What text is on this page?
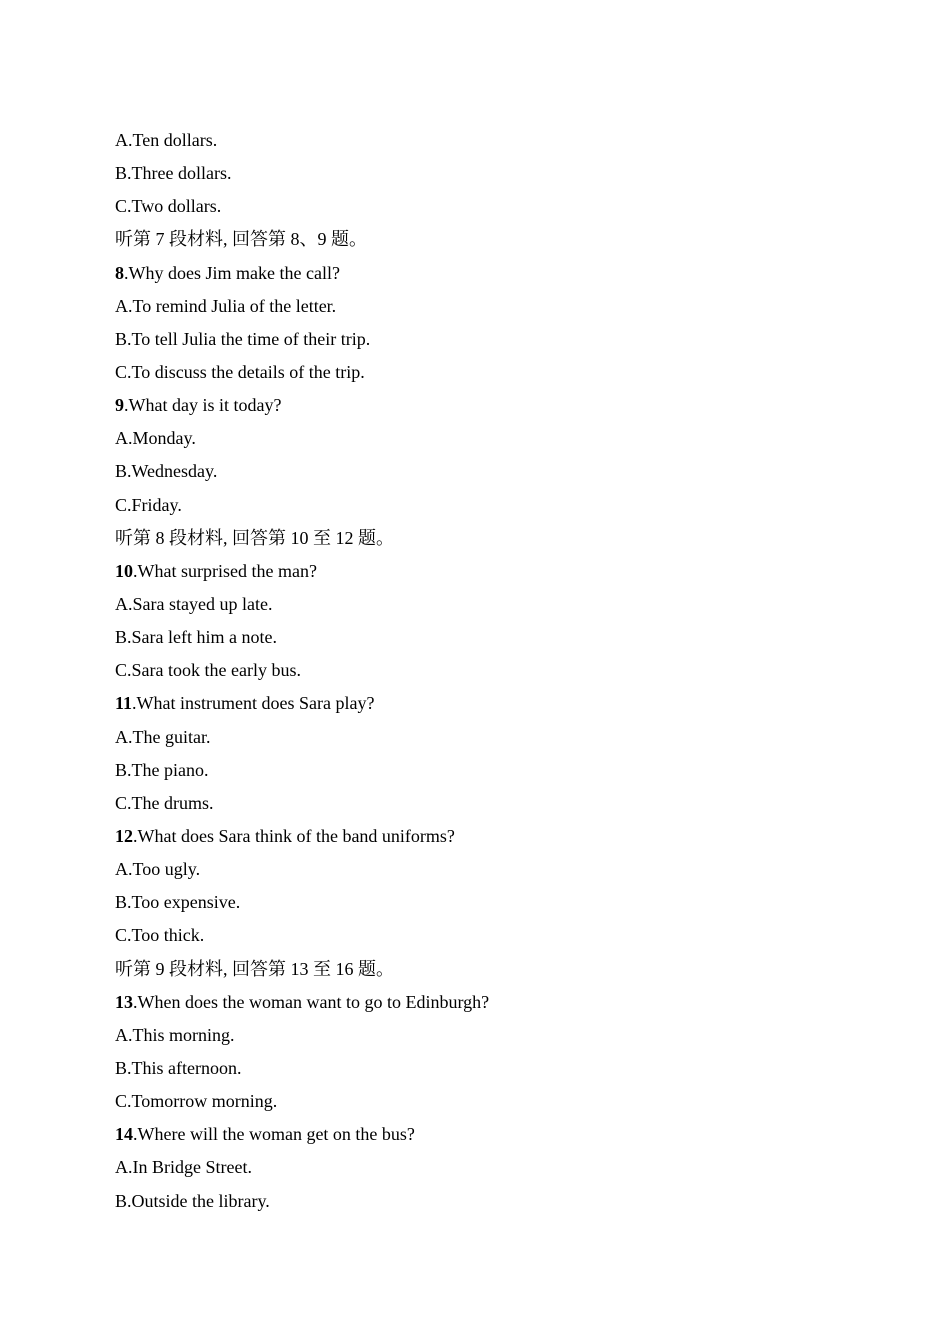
A.Ten dollars.
B.Three dollars.
C.Two dollars.
听第 7 段材料, 回答第 8、9 题。
8.Why does Jim make the call?
A.To remind Julia of the letter.
B.To tell Julia the time of their trip.
C.To discuss the details of the trip.
9.What day is it today?
A.Monday.
B.Wednesday.
C.Friday.
听第 8 段材料, 回答第 10 至 12 题。
10.What surprised the man?
A.Sara stayed up late.
B.Sara left him a note.
C.Sara took the early bus.
11.What instrument does Sara play?
A.The guitar.
B.The piano.
C.The drums.
12.What does Sara think of the band uniforms?
A.Too ugly.
B.Too expensive.
C.Too thick.
听第 9 段材料, 回答第 13 至 16 题。
13.When does the woman want to go to Edinburgh?
A.This morning.
B.This afternoon.
C.Tomorrow morning.
14.Where will the woman get on the bus?
A.In Bridge Street.
B.Outside the library.
